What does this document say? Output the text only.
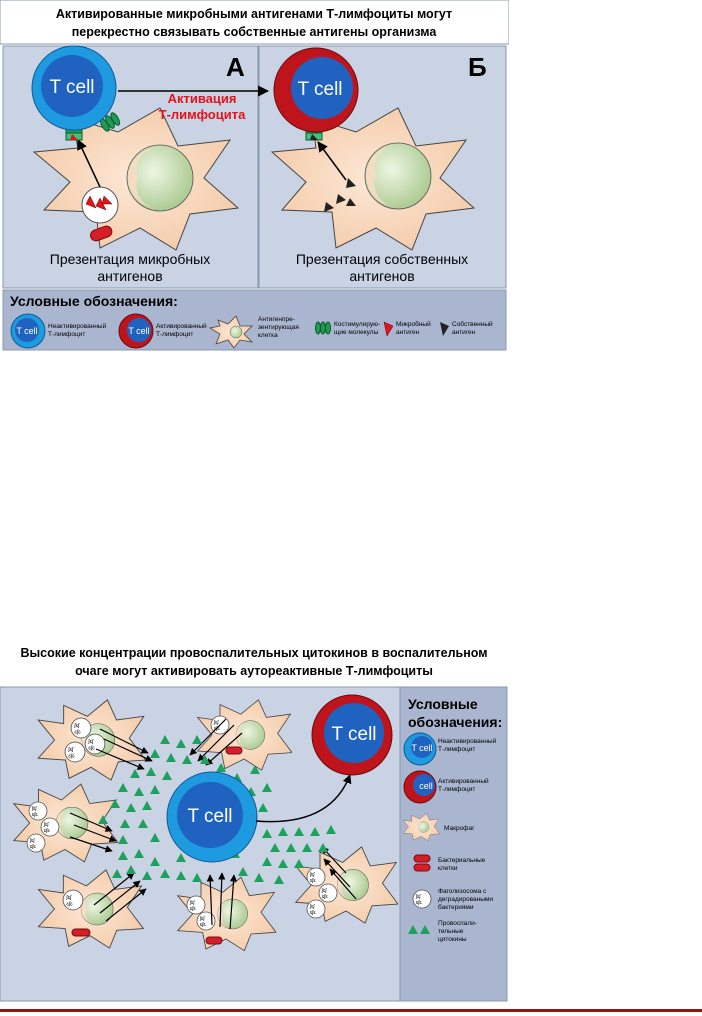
Активированные микробными антигенами Т-лимфоциты могут
перекрестно связывать собственные антигены организма
А	Б
T cell
Активация
Т-лимфоцита
T cell
Презентация микробных
антигенов
Презентация собственных
антигенов
Условные обозначения:
T cell Неактивированный
Т-лимфоцит	T cell Активированный
Т-лимфоцит
Антигенпре-
зентирующая
клетка
Костимулирую-
щие молекулы
Микробный
антиген
Собственный
антиген
Высокие концентрации провоспалительных цитокинов в воспалительном
очаге могут активировать аутореактивные Т-лимфоциты
T cell
T cell
Условные
обозначения:
T cell
Неактивированный
Т-лимфоцит
cell Активированный
Т-лимфоцит
Макрофаг
Бактериальные
клетки
Фаголизосома с
деградироваными
бактериями
Провоспали-
тельные
цитокины
